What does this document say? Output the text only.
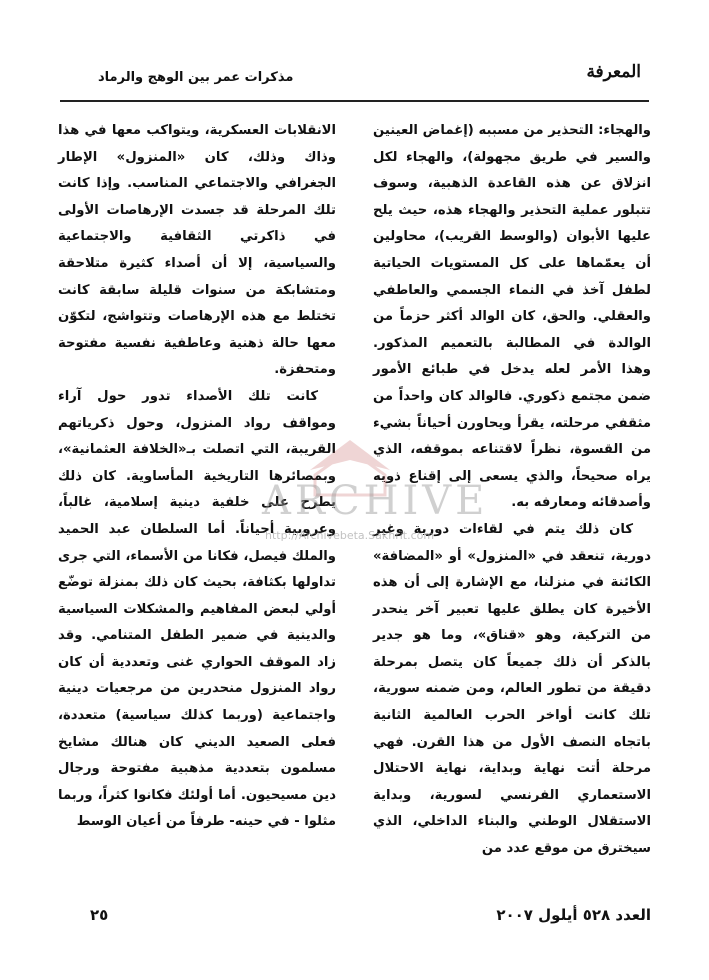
المعرفة
مذكرات عمر بين الوهج والرماد

والهجاء: التحذير من مسببه (إغماض العينين والسير في طريق مجهولة)، والهجاء لكل انزلاق عن هذه القاعدة الذهبية، وسوف تتبلور عملية التحذير والهجاء هذه، حيث يلح عليها الأبوان (والوسط القريب)، محاولين أن يعمّماها على كل المستويات الحياتية لطفل آخذ في النماء الجسمي والعاطفي والعقلي. والحق، كان الوالد أكثر حزماً من الوالدة في المطالبة بالتعميم المذكور. وهذا الأمر لعله يدخل في طبائع الأمور ضمن مجتمع ذكوري. فالوالد كان واحداً من مثقفي مرحلته، يقرأ ويحاورن أحياناً بشيء من القسوة، نظراً لاقتناعه بموقفه، الذي يراه صحيحاً، والذي يسعى إلى إقناع ذويه وأصدقائه ومعارفه به.

كان ذلك يتم في لقاءات دورية وغير دورية، تنعقد في «المنزول» أو «المضافة» الكائنة في منزلنا، مع الإشارة إلى أن هذه الأخيرة كان يطلق عليها تعبير آخر ينحدر من التركية، وهو «قناق»، وما هو جدير بالذكر أن ذلك جميعاً كان يتصل بمرحلة دقيقة من تطور العالم، ومن ضمنه سورية، تلك كانت أواخر الحرب العالمية الثانية باتجاه النصف الأول من هذا القرن. فهي مرحلة أتت نهاية وبداية، نهاية الاحتلال الاستعماري الفرنسي لسورية، وبداية الاستقلال الوطني والبناء الداخلي، الذي سيخترق من موقع عدد من

الانقلابات العسكرية، ويتواكب معها في هذا وذاك وذلك، كان «المنزول» الإطار الجغرافي والاجتماعي المناسب. وإذا كانت تلك المرحلة قد جسدت الإرهاصات الأولى في ذاكرتي الثقافية والاجتماعية والسياسية، إلا أن أصداء كثيرة متلاحقة ومتشابكة من سنوات قليلة سابقة كانت تختلط مع هذه الإرهاصات وتتواشج، لتكوّن معها حالة ذهنية وعاطفية نفسية مفتوحة ومتحفزة.

كانت تلك الأصداء تدور حول آراء ومواقف رواد المنزول، وحول ذكرياتهم القريبة، التي اتصلت بـ«الخلافة العثمانية»، وبمصائرها التاريخية المأساوية. كان ذلك يطرح على خلفية دينية إسلامية، غالباً، وعروبية أحياناً. أما السلطان عبد الحميد والملك فيصل، فكانا من الأسماء، التي جرى تداولها بكثافة، بحيث كان ذلك بمنزلة توضّع أولي لبعض المفاهيم والمشكلات السياسية والدينية في ضمير الطفل المتنامي. وقد زاد الموقف الحواري غنى وتعددية أن كان رواد المنزول منحدرين من مرجعيات دينية واجتماعية (وربما كذلك سياسية) متعددة، فعلى الصعيد الديني كان هنالك مشايخ مسلمون بتعددية مذهبية مفتوحة ورجال دين مسيحيون. أما أولئك فكانوا كثراً، وربما مثلوا - في حينه- طرفاً من أعيان الوسط

ARCHIVE
http://Archivebeta.Sakhrit.com
العدد ٥٢٨ أيلول ٢٠٠٧
٢٥
